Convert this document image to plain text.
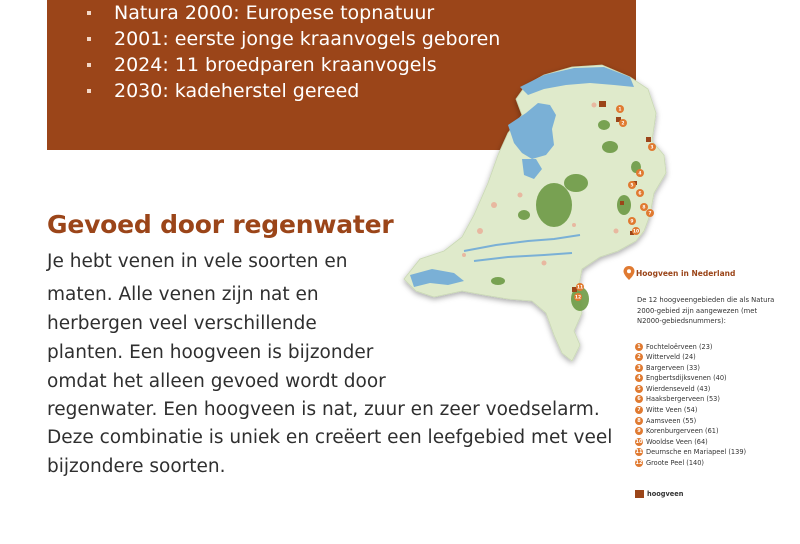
Natura 2000: Europese topnatuur
2001: eerste jonge kraanvogels geboren
2024: 11 broedparen kraanvogels
2030: kadeherstel gereed
1
2
3
4
5
6
7
8
9
10
11
12
Gevoed door regenwater
Je hebt venen in vele soorten en
maten. Alle venen zijn nat en
herbergen veel verschillende
planten. Een hoogveen is bijzonder
omdat het alleen gevoed wordt door
regenwater. Een hoogveen is nat, zuur en zeer voedselarm.
Deze combinatie is uniek en creëert een leefgebied met veel
bijzondere soorten.
Hoogveen in Nederland
De 12 hoogveengebieden die als Natura 2000-gebied zijn aangewezen (met N2000-gebiedsnummers):
1 Fochteloërveen (23)
2 Witterveld (24)
3 Bargerveen (33)
4 Engbertsdijksvenen (40)
5 Wierdenseveld (43)
6 Haaksbergerveen (53)
7 Witte Veen (54)
8 Aamsveen (55)
9 Korenburgerveen (61)
10 Wooldse Veen (64)
11 Deurnsche en Mariapeel (139)
12 Groote Peel (140)
hoogveen
